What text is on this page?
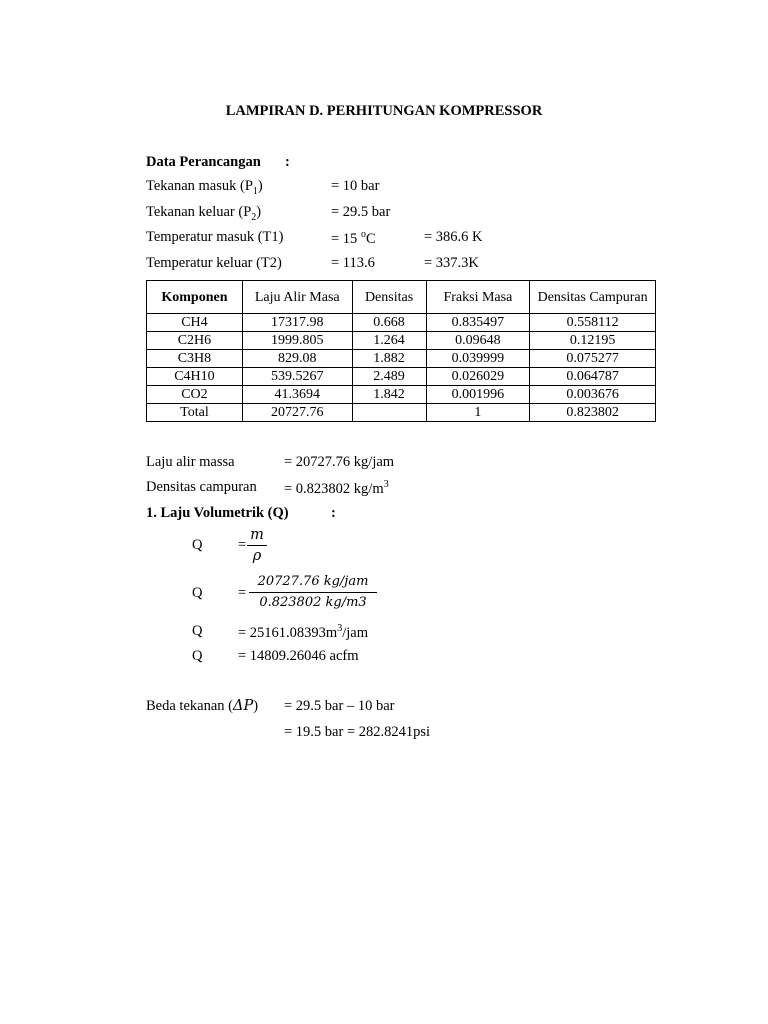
LAMPIRAN D. PERHITUNGAN KOMPRESSOR
Data Perancangan :
Tekanan masuk $(P_1)$	= 10 bar
Tekanan keluar $(P_2)$	= 29.5 bar
Temperatur masuk (T1)	= 15 $^o$C	= 386.6 K
Temperatur keluar (T2)	= 113.6	= 337.3K
Komponen	Laju Alir Masa	Densitas	Fraksi Masa	Densitas Campuran
CH4	17317.98	0.668	0.835497	0.558112
C2H6	1999.805	1.264	0.09648	0.12195
C3H8	829.08	1.882	0.039999	0.075277
C4H10	539.5267	2.489	0.026029	0.064787
CO2	41.3694	1.842	0.001996	0.003676
Total	20727.76		1	0.823802
Laju alir massa	= 20727.76 kg/jam
Densitas campuran = 0.823802 $kg/m^3$
1. Laju Volumetrik (Q)	:
Q =
m
ρ
Q =
20727.76 kg/jam
0.823802 kg/m3
$Q = 25161.08393m^3$/jam
Q = 14809.26046 acfm
Beda tekanan (ΔP) = 29.5 bar – 10 bar
= 19.5 bar = 282.8241psi
